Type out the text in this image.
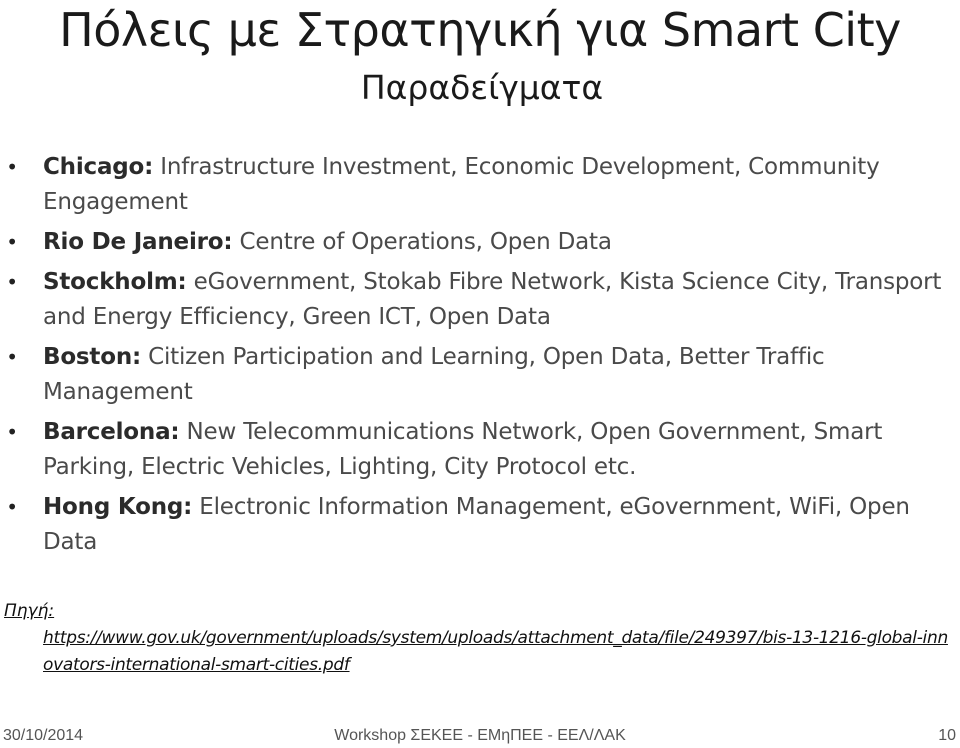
Πόλεις με Στρατηγική για Smart City
Παραδείγματα
• Chicago: Infrastructure Investment, Economic Development, Community Engagement
• Rio De Janeiro: Centre of Operations, Open Data
• Stockholm: eGovernment, Stokab Fibre Network, Kista Science City, Transport and Energy Efficiency, Green ICT, Open Data
• Boston: Citizen Participation and Learning, Open Data, Better Traffic Management
• Barcelona: New Telecommunications Network, Open Government, Smart Parking, Electric Vehicles, Lighting, City Protocol etc.
• Hong Kong: Electronic Information Management, eGovernment, WiFi, Open Data
Πηγή:
https://www.gov.uk/government/uploads/system/uploads/attachment_data/file/249397/bis-13-1216-global-innovators-international-smart-cities.pdf
30/10/2014	Workshop ΣΕΚΕΕ - ΕΜηΠΕΕ - ΕΕΛ/ΛΑΚ	10
